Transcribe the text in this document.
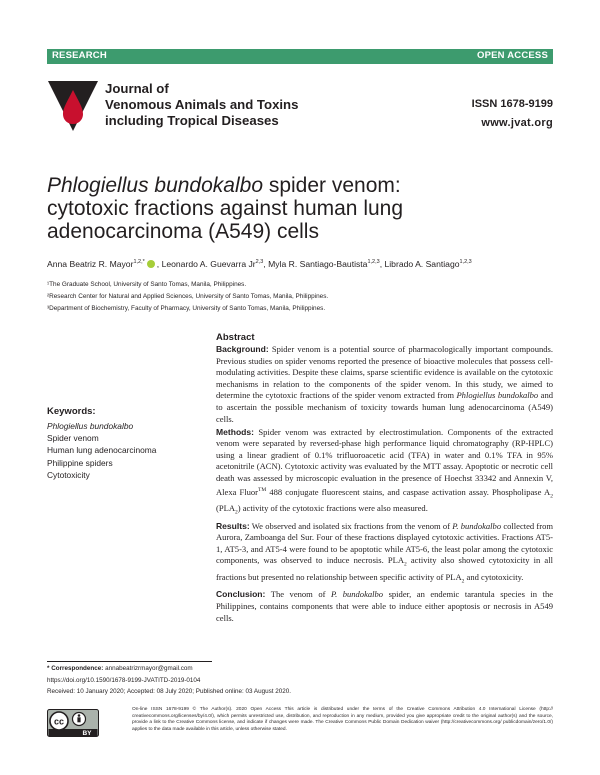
RESEARCH	OPEN ACCESS
Journal of
Venomous Animals and Toxins
including Tropical Diseases
ISSN 1678-9199
www.jvat.org
Phlogiellus bundokalbo spider venom:
cytotoxic fractions against human lung
adenocarcinoma (A549) cells
Anna Beatriz R. Mayor$^{1,2,*}$ , Leonardo A. Guevarra Jr$^{2,3}$, Myla R. Santiago-Bautista$^{1,2,3}$, Librado A. Santiago$^{1,2,3}$
¹The Graduate School, University of Santo Tomas, Manila, Philippines.
²Research Center for Natural and Applied Sciences, University of Santo Tomas, Manila, Philippines.
³Department of Biochemistry, Faculty of Pharmacy, University of Santo Tomas, Manila, Philippines.
Keywords:
Phlogiellus bundokalbo
Spider venom
Human lung adenocarcinoma
Philippine spiders
Cytotoxicity
Abstract

Background: Spider venom is a potential source of pharmacologically important compounds. Previous studies on spider venoms reported the presence of bioactive molecules that possess cell-modulating activities. Despite these claims, sparse scientific evidence is available on the cytotoxic mechanisms in relation to the components of the spider venom. In this study, we aimed to determine the cytotoxic fractions of the spider venom extracted from Phlogiellus bundokalbo and to ascertain the possible mechanism of toxicity towards human lung adenocarcinoma (A549) cells.

Methods: Spider venom was extracted by electrostimulation. Components of the extracted venom were separated by reversed-phase high performance liquid chromatography (RP-HPLC) using a linear gradient of 0.1% trifluoroacetic acid (TFA) in water and 0.1% TFA in 95% acetonitrile (ACN). Cytotoxic activity was evaluated by the MTT assay. Apoptotic or necrotic cell death was assessed by microscopic evaluation in the presence of Hoechst 33342 and Annexin V, Alexa Fluor™ 488 conjugate fluorescent stains, and caspase activation assay. Phospholipase $A_2$ $(PLA_2)$ activity of the cytotoxic fractions were also measured.

Results: We observed and isolated six fractions from the venom of P. bundokalbo collected from Aurora, Zamboanga del Sur. Four of these fractions displayed cytotoxic activities. Fractions AT5-1, AT5-3, and AT5-4 were found to be apoptotic while AT5-6, the least polar among the cytotoxic components, was observed to induce necrosis. $PLA_2$ activity also showed cytotoxicity in all fractions but presented no relationship between specific activity of $PLA_2$ and cytotoxicity.

Conclusion: The venom of P. bundokalbo spider, an endemic tarantula species in the Philippines, contains components that were able to induce either apoptosis or necrosis in A549 cells.

* Correspondence: annabeatrizrmayor@gmail.com
https://doi.org/10.1590/1678-9199-JVATITD-2019-0104
Received: 10 January 2020; Accepted: 08 July 2020; Published online: 03 August 2020.
cc
BY
On-line ISSN 1678-9199 © The Author(s). 2020 Open Access This article is distributed under the terms of the Creative Commons Attribution 4.0 International License (http:// creativecommons.org/licenses/by/4.0/), which permits unrestricted use, distribution, and reproduction in any medium, provided you give appropriate credit to the original author(s) and the source, provide a link to the Creative Commons license, and indicate if changes were made. The Creative Commons Public Domain Dedication waiver (http://creativecommons.org/ publicdomain/zero/1.0/) applies to the data made available in this article, unless otherwise stated.
